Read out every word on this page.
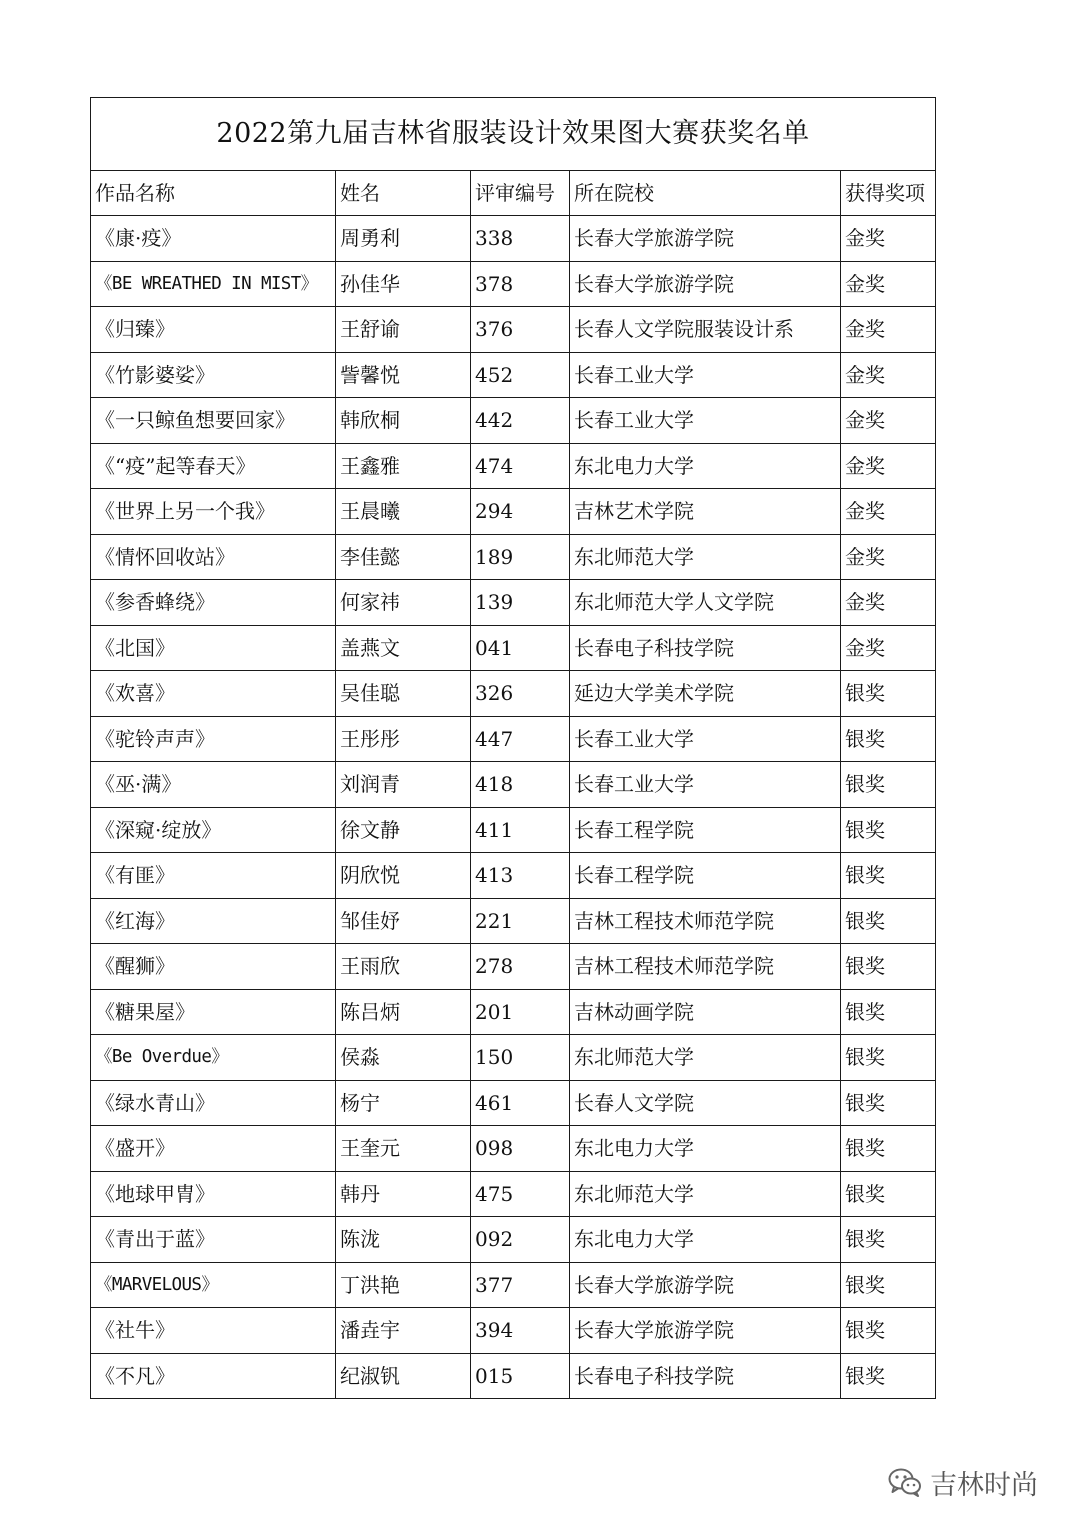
2022第九届吉林省服装设计效果图大赛获奖名单				
作品名称	姓名	评审编号	所在院校	获得奖项
《康·疫》	周勇利	338	长春大学旅游学院	金奖
《BE WREATHED IN MIST》	孙佳华	378	长春大学旅游学院	金奖
《归臻》	王舒谕	376	长春人文学院服装设计系	金奖
《竹影婆娑》	訾馨悦	452	长春工业大学	金奖
《一只鲸鱼想要回家》	韩欣桐	442	长春工业大学	金奖
《“疫”起等春天》	王鑫雅	474	东北电力大学	金奖
《世界上另一个我》	王晨曦	294	吉林艺术学院	金奖
《情怀回收站》	李佳懿	189	东北师范大学	金奖
《参香蜂绕》	何家祎	139	东北师范大学人文学院	金奖
《北国》	盖燕文	041	长春电子科技学院	金奖
《欢喜》	吴佳聪	326	延边大学美术学院	银奖
《驼铃声声》	王彤彤	447	长春工业大学	银奖
《巫·满》	刘润青	418	长春工业大学	银奖
《深窥·绽放》	徐文静	411	长春工程学院	银奖
《有匪》	阴欣悦	413	长春工程学院	银奖
《红海》	邹佳妤	221	吉林工程技术师范学院	银奖
《醒狮》	王雨欣	278	吉林工程技术师范学院	银奖
《糖果屋》	陈吕炳	201	吉林动画学院	银奖
《Be Overdue》	侯淼	150	东北师范大学	银奖
《绿水青山》	杨宁	461	长春人文学院	银奖
《盛开》	王奎元	098	东北电力大学	银奖
《地球甲胄》	韩丹	475	东北师范大学	银奖
《青出于蓝》	陈泷	092	东北电力大学	银奖
《MARVELOUS》	丁洪艳	377	长春大学旅游学院	银奖
《社牛》	潘垚宇	394	长春大学旅游学院	银奖
《不凡》	纪淑钒	015	长春电子科技学院	银奖
吉林时尚
